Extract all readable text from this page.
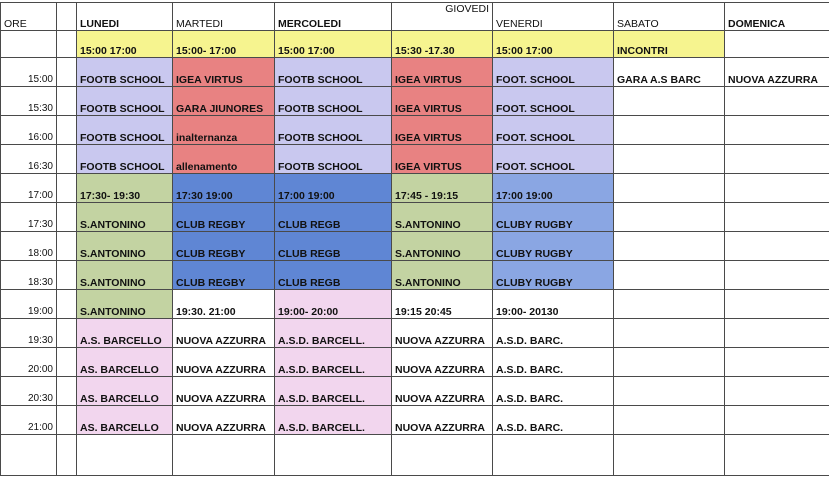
ORE		LUNEDI	MARTEDI	MERCOLEDI	GIOVEDI	VENERDI	SABATO	DOMENICA
		15:00 17:00	15:00- 17:00	15:00 17:00	15:30 -17.30	15:00 17:00	INCONTRI	
15:00		FOOTB SCHOOL	IGEA VIRTUS	FOOTB SCHOOL	IGEA VIRTUS	FOOT. SCHOOL	GARA A.S BARC	NUOVA AZZURRA
15:30		FOOTB SCHOOL	GARA JIUNORES	FOOTB SCHOOL	IGEA VIRTUS	FOOT. SCHOOL		
16:00		FOOTB SCHOOL	inalternanza	FOOTB SCHOOL	IGEA VIRTUS	FOOT. SCHOOL		
16:30		FOOTB SCHOOL	allenamento	FOOTB SCHOOL	IGEA VIRTUS	FOOT. SCHOOL		
17:00		17:30- 19:30	17:30 19:00	17:00 19:00	17:45 - 19:15	17:00 19:00		
17:30		S.ANTONINO	CLUB REGBY	CLUB REGB	S.ANTONINO	CLUBY RUGBY		
18:00		S.ANTONINO	CLUB REGBY	CLUB REGB	S.ANTONINO	CLUBY RUGBY		
18:30		S.ANTONINO	CLUB REGBY	CLUB REGB	S.ANTONINO	CLUBY RUGBY		
19:00		S.ANTONINO	19:30. 21:00	19:00- 20:00	19:15 20:45	19:00- 20130		
19:30		A.S. BARCELLO	NUOVA AZZURRA	A.S.D. BARCELL.	NUOVA AZZURRA	A.S.D. BARC.		
20:00		AS. BARCELLO	NUOVA AZZURRA	A.S.D. BARCELL.	NUOVA AZZURRA	A.S.D. BARC.		
20:30		AS. BARCELLO	NUOVA AZZURRA	A.S.D. BARCELL.	NUOVA AZZURRA	A.S.D. BARC.		
21:00		AS. BARCELLO	NUOVA AZZURRA	A.S.D. BARCELL.	NUOVA AZZURRA	A.S.D. BARC.		
